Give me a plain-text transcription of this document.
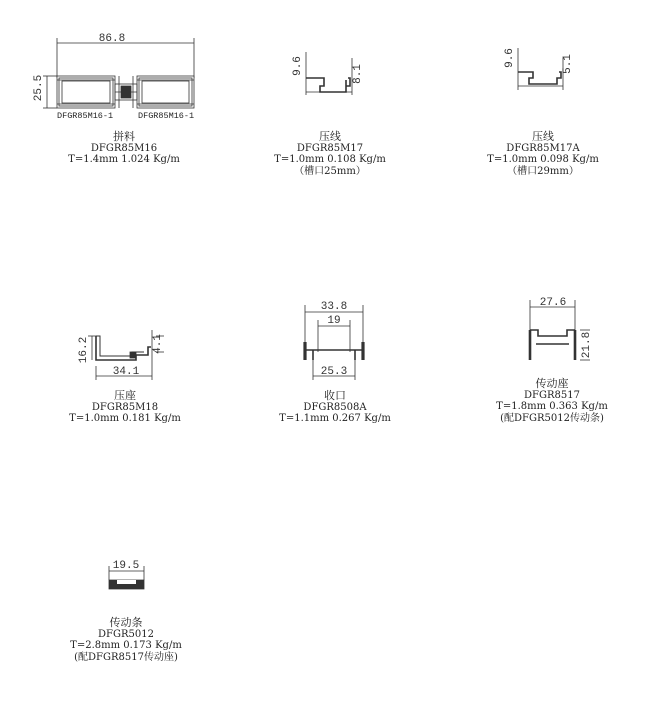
86.8
25.5
9.6	8.1
9.6	5.1
16.2
34.1
4.1
33.8
19
25.3
27.6
21.8
19.5
DFGR85M16-1	DFGR85M16-1
拼料
DFGR85M16
T=1.4mm 1.024 Kg/m
压线
DFGR85M17
T=1.0mm 0.108 Kg/m
（槽口25mm）
压线
DFGR85M17A
T=1.0mm 0.098 Kg/m
（槽口29mm）
压座
DFGR85M18
T=1.0mm 0.181 Kg/m
收口
DFGR8508A
T=1.1mm 0.267 Kg/m
传动座
DFGR8517
T=1.8mm 0.363 Kg/m
(配DFGR5012传动条)
传动条
DFGR5012
T=2.8mm 0.173 Kg/m
(配DFGR8517传动座)
